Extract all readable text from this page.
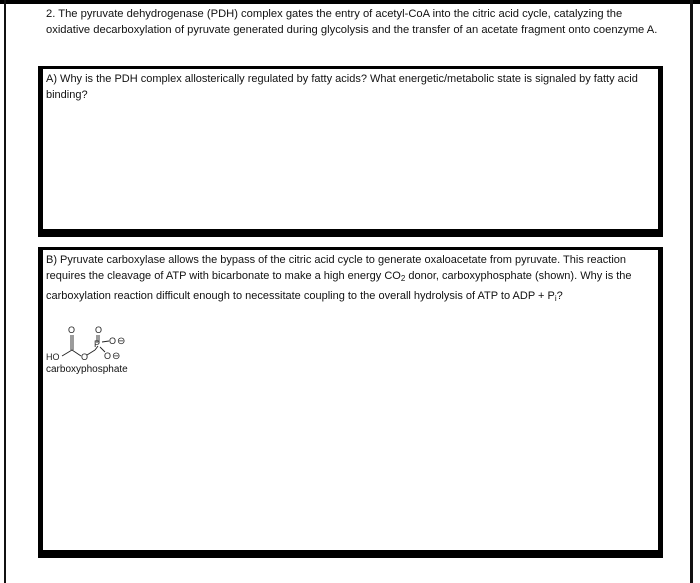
2. The pyruvate dehydrogenase (PDH) complex gates the entry of acetyl-CoA into the citric acid cycle, catalyzing the oxidative decarboxylation of pyruvate generated during glycolysis and the transfer of an acetate fragment onto coenzyme A.
A) Why is the PDH complex allosterically regulated by fatty acids? What energetic/metabolic state is signaled by fatty acid binding?
B) Pyruvate carboxylase allows the bypass of the citric acid cycle to generate oxaloacetate from pyruvate. This reaction requires the cleavage of ATP with bicarbonate to make a high energy $CO_2$ donor, carboxyphosphate (shown). Why is the carboxylation reaction difficult enough to necessitate coupling to the overall hydrolysis of ATP to ADP + $P_i$?
HO
O
O
O
P O ⊖
O ⊖
carboxyphosphate
